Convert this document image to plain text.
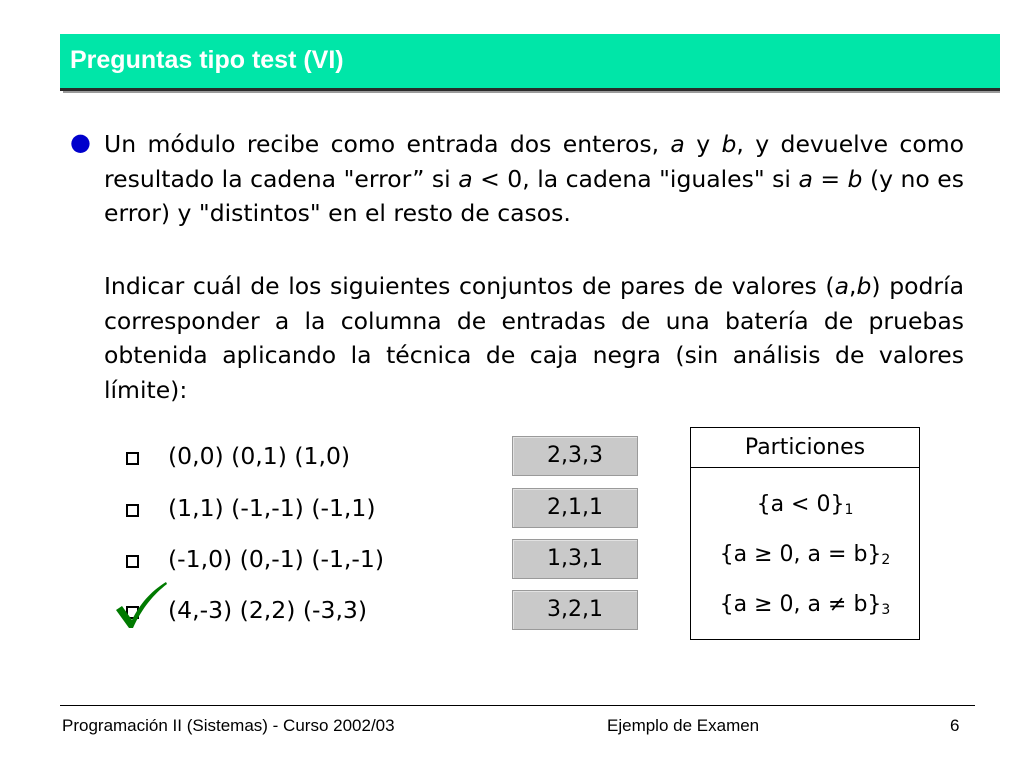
Preguntas tipo test (VI)
● Un módulo recibe como entrada dos enteros, a y b, y devuelve como resultado la cadena "error” si a < 0, la cadena "iguales" si a = b (y no es error) y "distintos" en el resto de casos.

Indicar cuál de los siguientes conjuntos de pares de valores (a,b) podría corresponder a la columna de entradas de una batería de pruebas obtenida aplicando la técnica de caja negra (sin análisis de valores límite):

(0,0) (0,1) (1,0)
(1,1) (-1,-1) (-1,1)
(-1,0) (0,-1) (-1,-1)
(4,-3) (2,2) (-3,3)
2,3,3
2,1,1
1,3,1
3,2,1
Particiones
$\{a < 0\}_1$
{a ≥ 0, $a = b\}_2$
{a ≥ 0, $a \ne b\}_3$
Programación II (Sistemas) - Curso 2002/03	Ejemplo de Examen	6
